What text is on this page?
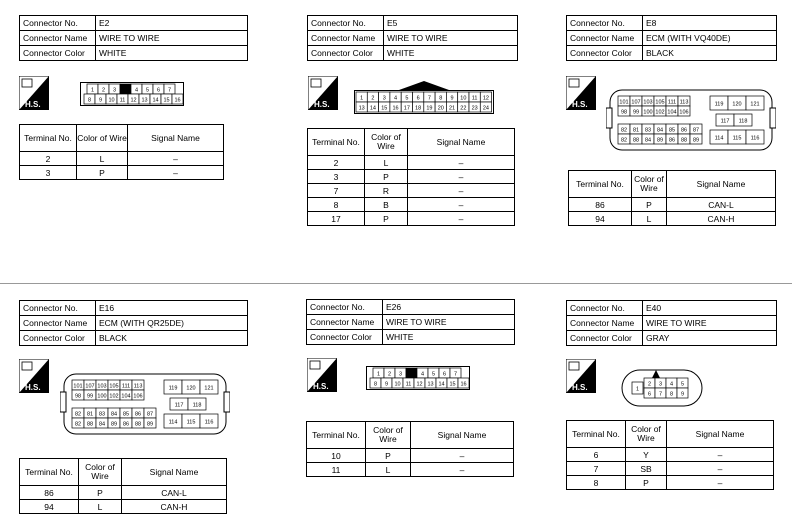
Connector No.	E2
Connector Name	WIRE TO WIRE
Connector Color	WHITE
H.S.
1 2 3	4 5 6 7
8 9 10 11 12 13 14 15 16
Terminal No.	Color of Wire	Signal Name
2	L	–
3	P	–
Connector No.	E5
Connector Name	WIRE TO WIRE
Connector Color	WHITE
H.S.
1 2 3 4 5 6 7 8 9 10 11 12
13 14 15 16 17 18 19 20 21 22 23 24
Terminal No.	Color of Wire	Signal Name
2	L	–
3	P	–
7	R	–
8	B	–
17	P	–
Connector No.	E8
Connector Name	ECM (WITH VQ40DE)
Connector Color	BLACK
H.S.	101 107 103 105 111 113
98 99 100 102 104 106
82 81 83 84 85 86 87
82 88 84 89 86 88 89
119 120 121
117 118
114 115 116
Terminal No.	Color of Wire	Signal Name
86	P	CAN-L
94	L	CAN-H
Connector No.	E16
Connector Name	ECM (WITH QR25DE)
Connector Color	BLACK
H.S.	101 107 103 105 111 113
98 99 100 102 104 106
82 81 83 84 85 86 87
82 88 84 89 86 88 89
119 120 121
117 118
114 115 116
Terminal No.	Color of Wire	Signal Name
86	P	CAN-L
94	L	CAN-H
Connector No.	E26
Connector Name	WIRE TO WIRE
Connector Color	WHITE
H.S.
1 2 3	4 5 6 7
8 9 10 11 12 13 14 15 16
Terminal No.	Color of Wire	Signal Name
10	P	–
11	L	–
Connector No.	E40
Connector Name	WIRE TO WIRE
Connector Color	GRAY
H.S.	2 3 4 5
6 7 8 9
1
Terminal No.	Color of Wire	Signal Name
6	Y	–
7	SB	–
8	P	–
